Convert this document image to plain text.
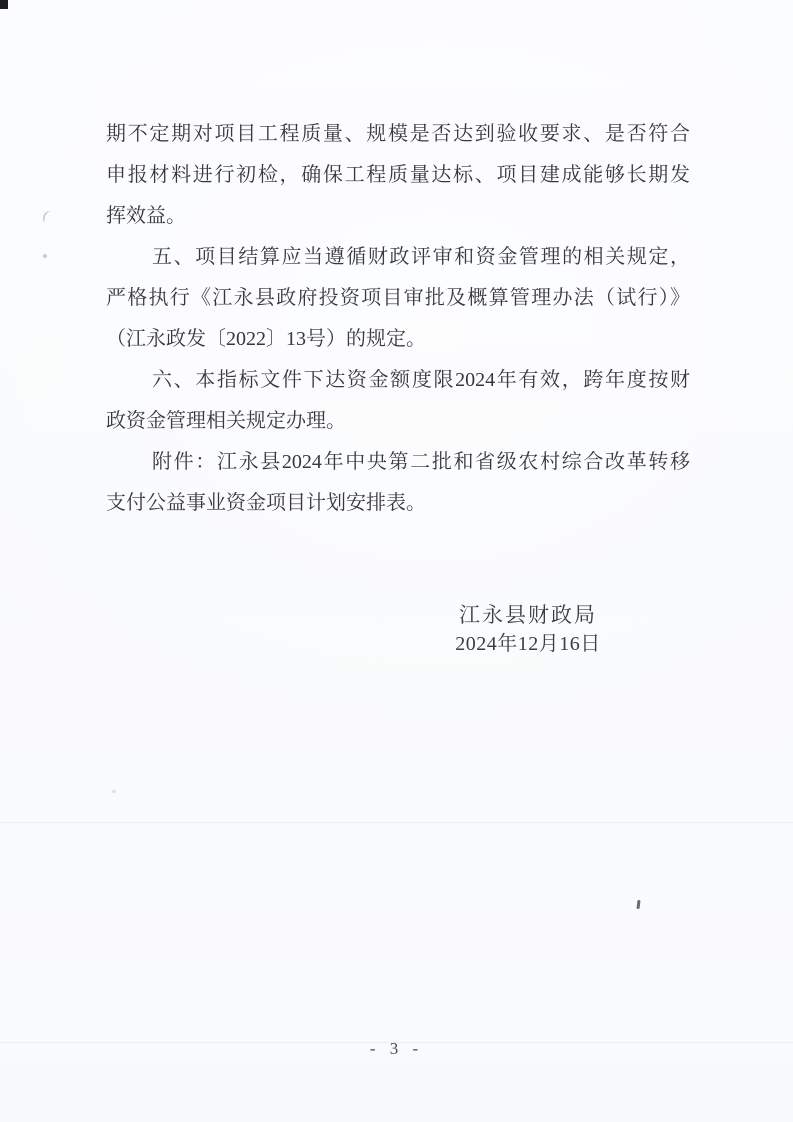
期不定期对项目工程质量、规模是否达到验收要求、是否符合
申报材料进行初检，确保工程质量达标、项目建成能够长期发
挥效益。
五、项目结算应当遵循财政评审和资金管理的相关规定，
严格执行《江永县政府投资项目审批及概算管理办法（试行）》
（江永政发〔2022〕13号）的规定。
六、本指标文件下达资金额度限2024年有效，跨年度按财
政资金管理相关规定办理。
附件：江永县2024年中央第二批和省级农村综合改革转移
支付公益事业资金项目计划安排表。
江永县财政局
2024年12月16日
- 3 -
